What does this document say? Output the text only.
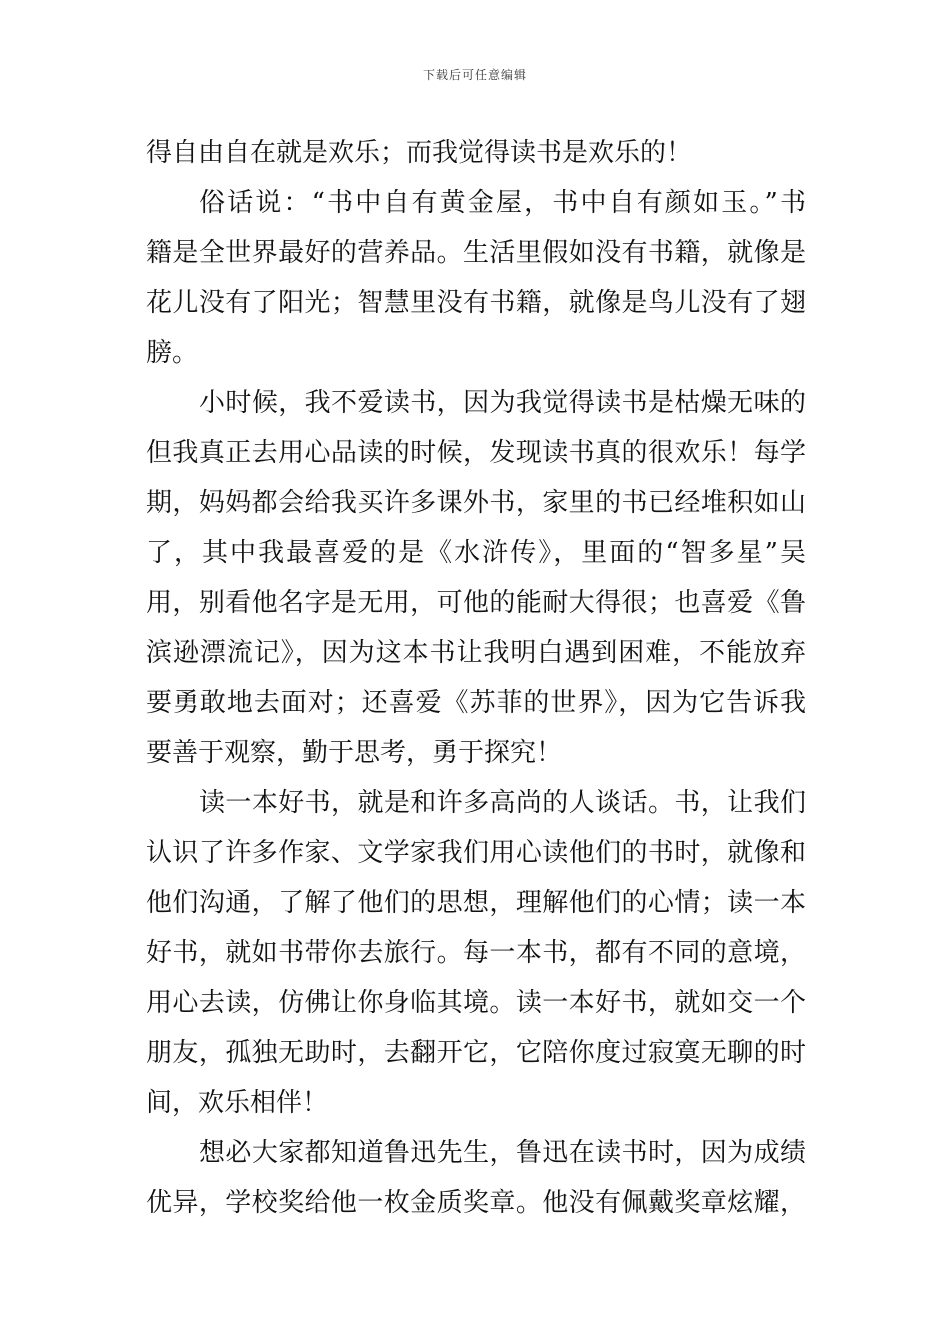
下载后可任意编辑
得自由自在就是欢乐；而我觉得读书是欢乐的！
俗话说：“书中自有黄金屋，书中自有颜如玉。”书
籍是全世界最好的营养品。生活里假如没有书籍，就像是
花儿没有了阳光；智慧里没有书籍，就像是鸟儿没有了翅
膀。
小时候，我不爱读书，因为我觉得读书是枯燥无味的
但我真正去用心品读的时候，发现读书真的很欢乐！每学
期，妈妈都会给我买许多课外书，家里的书已经堆积如山
了，其中我最喜爱的是《水浒传》，里面的“智多星”吴
用，别看他名字是无用，可他的能耐大得很；也喜爱《鲁
滨逊漂流记》，因为这本书让我明白遇到困难，不能放弃
要勇敢地去面对；还喜爱《苏菲的世界》，因为它告诉我
要善于观察，勤于思考，勇于探究！
读一本好书，就是和许多高尚的人谈话。书，让我们
认识了许多作家、文学家我们用心读他们的书时，就像和
他们沟通，了解了他们的思想，理解他们的心情；读一本
好书，就如书带你去旅行。每一本书，都有不同的意境，
用心去读，仿佛让你身临其境。读一本好书，就如交一个
朋友，孤独无助时，去翻开它，它陪你度过寂寞无聊的时
间，欢乐相伴！
想必大家都知道鲁迅先生，鲁迅在读书时，因为成绩
优异，学校奖给他一枚金质奖章。他没有佩戴奖章炫耀，
